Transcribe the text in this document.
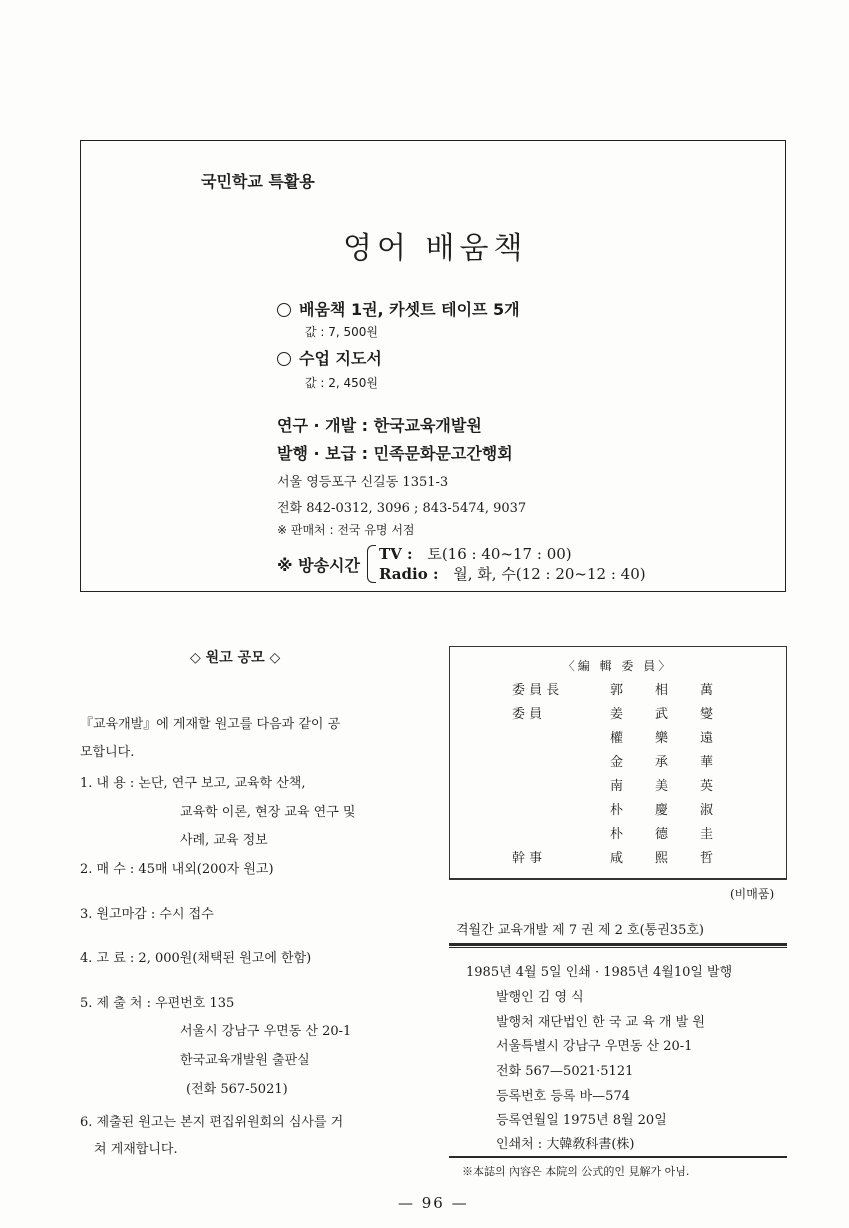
국민학교 특활용
영어 배움책
배움책 1권, 카셋트 테이프 5개
값 : 7, 500원
수업 지도서
값 : 2, 450원
연구 · 개발 : 한국교육개발원
발행 · 보급 : 민족문화문고간행회
서울 영등포구 신길동 1351-3
전화 842-0312, 3096 ; 843-5474, 9037
※ 판매처 : 전국 유명 서점
※ 방송시간
TV : 토(16 : 40~17 : 00)
Radio : 월, 화, 수(12 : 20~12 : 40)
◇ 원고 공모 ◇
『교육개발』에 게재할 원고를 다음과 같이 공
모합니다.
1. 내 용 : 논단, 연구 보고, 교육학 산책,
교육학 이론, 현장 교육 연구 및
사례, 교육 정보
2. 매 수 : 45매 내외(200자 원고)
3. 원고마감 : 수시 접수
4. 고 료 : 2, 000원(채택된 원고에 한함)
5. 제 출 처 : 우편번호 135
서울시 강남구 우면동 산 20-1
한국교육개발원 출판실
(전화 567-5021)
6. 제출된 원고는 본지 편집위원회의 심사를 거
쳐 게재합니다.
〈編 輯 委 員〉
委 員 長	郭 相 萬
委 員	姜 武 燮
權 樂 遠
金 承 華
南 美 英
朴 慶 淑
朴 德 圭
幹 事	咸 熙 哲
(비매품)
격월간 교육개발 제 7 권 제 2 호(통권35호)
1985년 4월 5일 인쇄 · 1985년 4월10일 발행
발행인 김 영 식
발행처 재단법인 한 국 교 육 개 발 원
서울특별시 강남구 우면동 산 20-1
전화 567—5021·5121
등록번호 등록 바—574
등록연월일 1975년 8월 20일
인쇄처 : 大韓敎科書(株)
※本誌의 內容은 本院의 公式的인 見解가 아님.
— 96 —
